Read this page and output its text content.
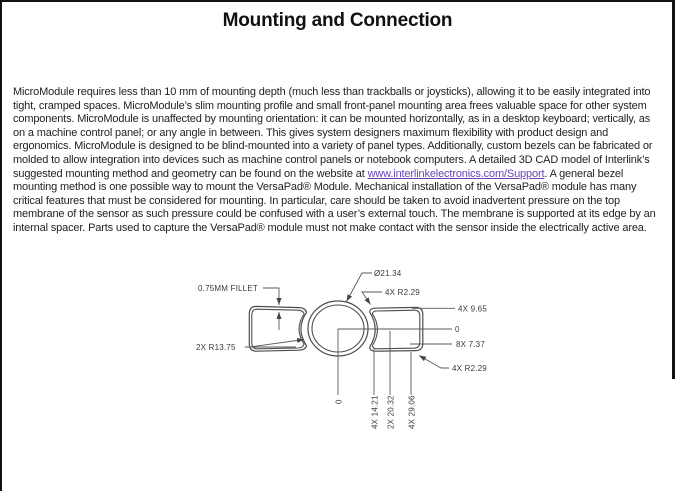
Mounting and Connection
MicroModule requires less than 10 mm of mounting depth (much less than trackballs or joysticks), allowing it to be easily integrated into tight, cramped spaces. MicroModule’s slim mounting profile and small front-panel mounting area frees valuable space for other system components. MicroModule is unaffected by mounting orientation: it can be mounted horizontally, as in a desktop keyboard; vertically, as on a machine control panel; or any angle in between. This gives system designers maximum flexibility with product design and ergonomics. MicroModule is designed to be blind-mounted into a variety of panel types. Additionally, custom bezels can be fabricated or molded to allow integration into devices such as machine control panels or notebook computers. A detailed 3D CAD model of Interlink’s suggested mounting method and geometry can be found on the website at www.interlinkelectronics.com/Support. A general bezel mounting method is one possible way to mount the VersaPad® Module. Mechanical installation of the VersaPad® module has many critical features that must be considered for mounting. In particular, care should be taken to avoid inadvertent pressure on the top membrane of the sensor as such pressure could be confused with a user’s external touch. The membrane is supported at its edge by an internal spacer. Parts used to capture the VersaPad® module must not make contact with the sensor inside the electrically active area.
0.75MM FILLET
2X R13.75
Ø21.34
4X R2.29
4X 9.65
0
8X 7.37
4X R2.29
0	4X 14.21 2X 20.32 4X 29.06
